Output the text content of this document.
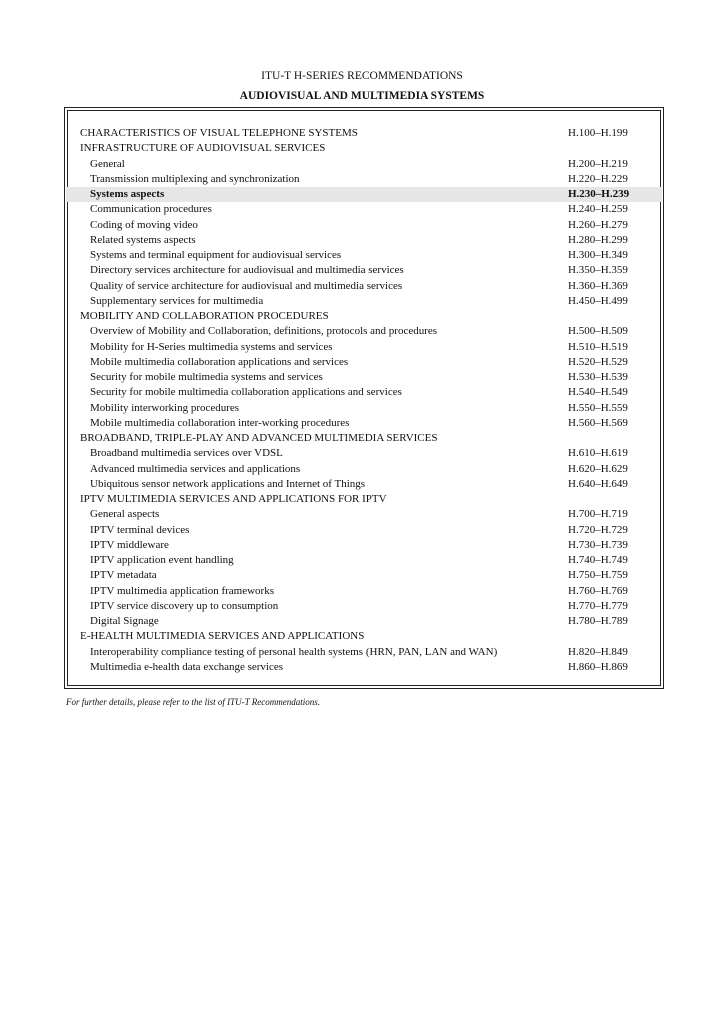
ITU-T H-SERIES RECOMMENDATIONS
AUDIOVISUAL AND MULTIMEDIA SYSTEMS
CHARACTERISTICS OF VISUAL TELEPHONE SYSTEMS	H.100–H.199
INFRASTRUCTURE OF AUDIOVISUAL SERVICES
General	H.200–H.219
Transmission multiplexing and synchronization	H.220–H.229
Systems aspects	H.230–H.239
Communication procedures	H.240–H.259
Coding of moving video	H.260–H.279
Related systems aspects	H.280–H.299
Systems and terminal equipment for audiovisual services	H.300–H.349
Directory services architecture for audiovisual and multimedia services	H.350–H.359
Quality of service architecture for audiovisual and multimedia services	H.360–H.369
Supplementary services for multimedia	H.450–H.499
MOBILITY AND COLLABORATION PROCEDURES
Overview of Mobility and Collaboration, definitions, protocols and procedures	H.500–H.509
Mobility for H-Series multimedia systems and services	H.510–H.519
Mobile multimedia collaboration applications and services	H.520–H.529
Security for mobile multimedia systems and services	H.530–H.539
Security for mobile multimedia collaboration applications and services	H.540–H.549
Mobility interworking procedures	H.550–H.559
Mobile multimedia collaboration inter-working procedures	H.560–H.569
BROADBAND, TRIPLE-PLAY AND ADVANCED MULTIMEDIA SERVICES
Broadband multimedia services over VDSL	H.610–H.619
Advanced multimedia services and applications	H.620–H.629
Ubiquitous sensor network applications and Internet of Things	H.640–H.649
IPTV MULTIMEDIA SERVICES AND APPLICATIONS FOR IPTV
General aspects	H.700–H.719
IPTV terminal devices	H.720–H.729
IPTV middleware	H.730–H.739
IPTV application event handling	H.740–H.749
IPTV metadata	H.750–H.759
IPTV multimedia application frameworks	H.760–H.769
IPTV service discovery up to consumption	H.770–H.779
Digital Signage	H.780–H.789
E-HEALTH MULTIMEDIA SERVICES AND APPLICATIONS
Interoperability compliance testing of personal health systems (HRN, PAN, LAN and WAN)	H.820–H.849
Multimedia e-health data exchange services	H.860–H.869
For further details, please refer to the list of ITU-T Recommendations.
